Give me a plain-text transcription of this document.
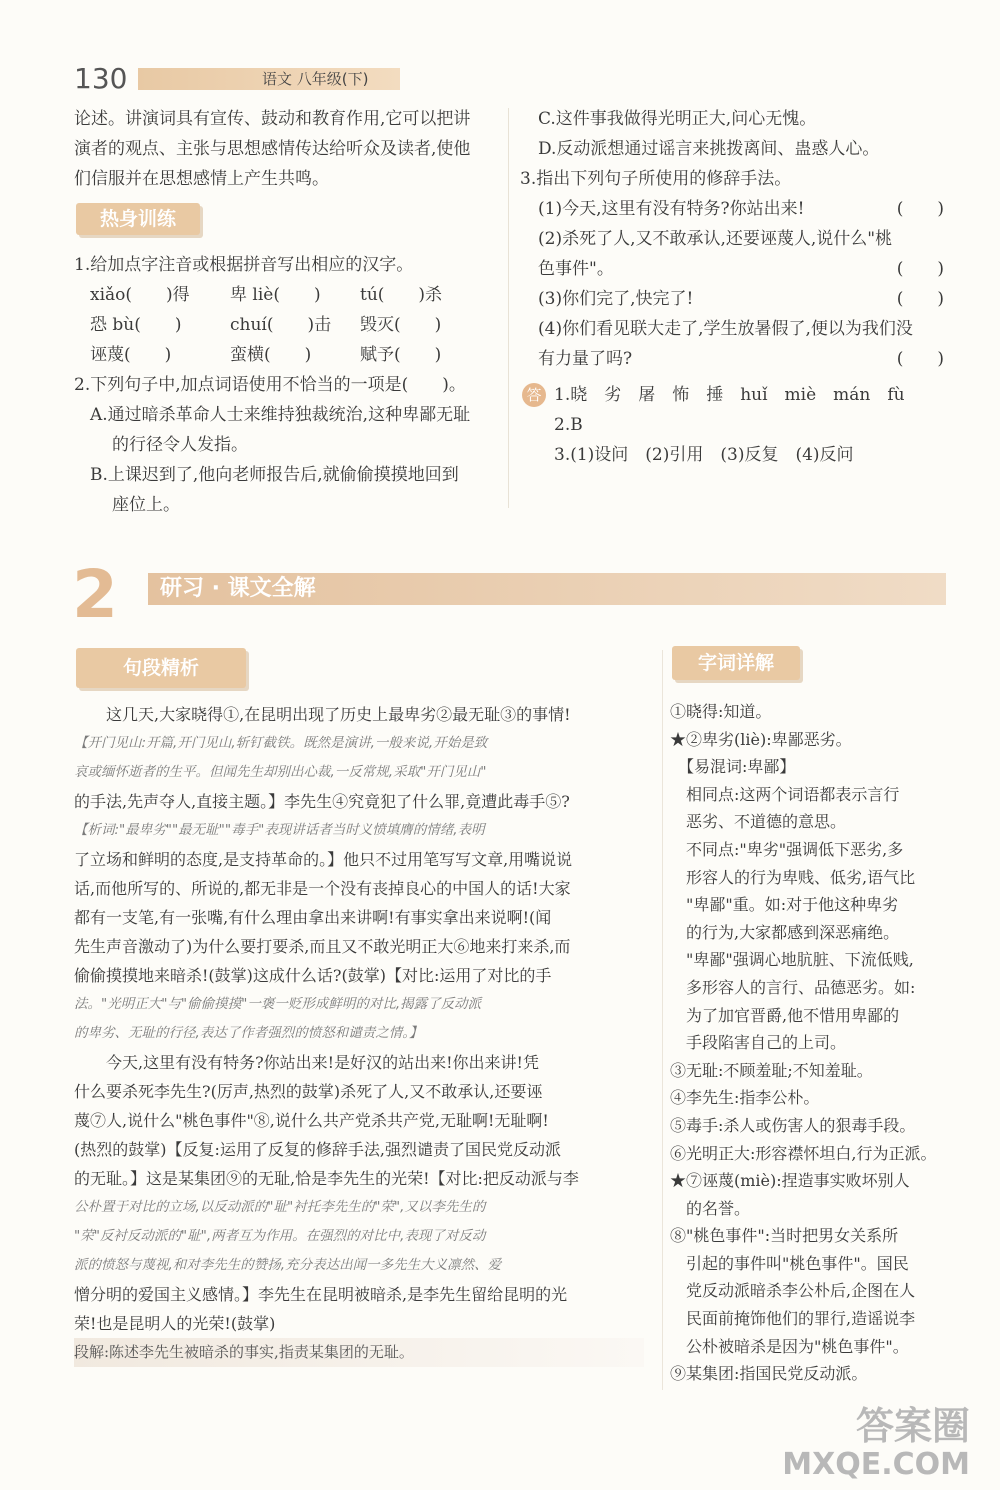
130	语文 八年级(下)
论述。讲演词具有宣传、鼓动和教育作用,它可以把讲
演者的观点、主张与思想感情传达给听众及读者,使他
们信服并在思想感情上产生共鸣。
热身训练
1.给加点字注音或根据拼音写出相应的汉字。
xiǎo(　　)得	卑 liè(　　)	tú(　　)杀
恐 bù(　　)	chuí(　　)击	毁灭(　　)
诬蔑(　　)	蛮横(　　)	赋予(　　)
2.下列句子中,加点词语使用不恰当的一项是(　　)。
A.通过暗杀革命人士来维持独裁统治,这种卑鄙无耻
的行径令人发指。
B.上课迟到了,他向老师报告后,就偷偷摸摸地回到
座位上。
C.这件事我做得光明正大,问心无愧。
D.反动派想通过谣言来挑拨离间、蛊惑人心。
3.指出下列句子所使用的修辞手法。
(1)今天,这里有没有特务?你站出来!	(　　)
(2)杀死了人,又不敢承认,还要诬蔑人,说什么"桃
色事件"。	(　　)
(3)你们完了,快完了!	(　　)
(4)你们看见联大走了,学生放暑假了,便以为我们没
有力量了吗?	(　　)
答 1.晓　劣　屠　怖　捶　huǐ　miè　mán　fù
2.B
3.(1)设问　(2)引用　(3)反复　(4)反问
2 研习 · 课文全解
句段精析	字词详解
　　这几天,大家晓得①,在昆明出现了历史上最卑劣②最无耻③的事情!
【开门见山:开篇,开门见山,斩钉截铁。既然是演讲,一般来说,开始是致
哀或缅怀逝者的生平。但闻先生却别出心裁,一反常规,采取"开门见山"
的手法,先声夺人,直接主题。】李先生④究竟犯了什么罪,竟遭此毒手⑤?
【析词:"最卑劣""最无耻""毒手"表现讲话者当时义愤填膺的情绪,表明
了立场和鲜明的态度,是支持革命的。】他只不过用笔写写文章,用嘴说说
话,而他所写的、所说的,都无非是一个没有丧掉良心的中国人的话!大家
都有一支笔,有一张嘴,有什么理由拿出来讲啊!有事实拿出来说啊!(闻
先生声音激动了)为什么要打要杀,而且又不敢光明正大⑥地来打来杀,而
偷偷摸摸地来暗杀!(鼓掌)这成什么话?(鼓掌)【对比:运用了对比的手
法。"光明正大"与"偷偷摸摸"一褒一贬形成鲜明的对比,揭露了反动派
的卑劣、无耻的行径,表达了作者强烈的愤怒和谴责之情。】
　　今天,这里有没有特务?你站出来!是好汉的站出来!你出来讲!凭
什么要杀死李先生?(厉声,热烈的鼓掌)杀死了人,又不敢承认,还要诬
蔑⑦人,说什么"桃色事件"⑧,说什么共产党杀共产党,无耻啊!无耻啊!
(热烈的鼓掌)【反复:运用了反复的修辞手法,强烈谴责了国民党反动派
的无耻。】这是某集团⑨的无耻,恰是李先生的光荣!【对比:把反动派与李
公朴置于对比的立场,以反动派的"耻"衬托李先生的"荣",又以李先生的
"荣"反衬反动派的"耻",两者互为作用。在强烈的对比中,表现了对反动
派的愤怒与蔑视,和对李先生的赞扬,充分表达出闻一多先生大义凛然、爱
憎分明的爱国主义感情。】李先生在昆明被暗杀,是李先生留给昆明的光
荣!也是昆明人的光荣!(鼓掌)
段解:陈述李先生被暗杀的事实,指责某集团的无耻。
①晓得:知道。
★②卑劣(liè):卑鄙恶劣。
　【易混词:卑鄙】
　相同点:这两个词语都表示言行
　恶劣、不道德的意思。
　不同点:"卑劣"强调低下恶劣,多
　形容人的行为卑贱、低劣,语气比
　"卑鄙"重。如:对于他这种卑劣
　的行为,大家都感到深恶痛绝。
　"卑鄙"强调心地肮脏、下流低贱,
　多形容人的言行、品德恶劣。如:
　为了加官晋爵,他不惜用卑鄙的
　手段陷害自己的上司。
③无耻:不顾羞耻;不知羞耻。
④李先生:指李公朴。
⑤毒手:杀人或伤害人的狠毒手段。
⑥光明正大:形容襟怀坦白,行为正派。
★⑦诬蔑(miè):捏造事实败坏别人
　的名誉。
⑧"桃色事件":当时把男女关系所
　引起的事件叫"桃色事件"。国民
　党反动派暗杀李公朴后,企图在人
　民面前掩饰他们的罪行,造谣说李
　公朴被暗杀是因为"桃色事件"。
⑨某集团:指国民党反动派。
答案圈
MXQE.COM
